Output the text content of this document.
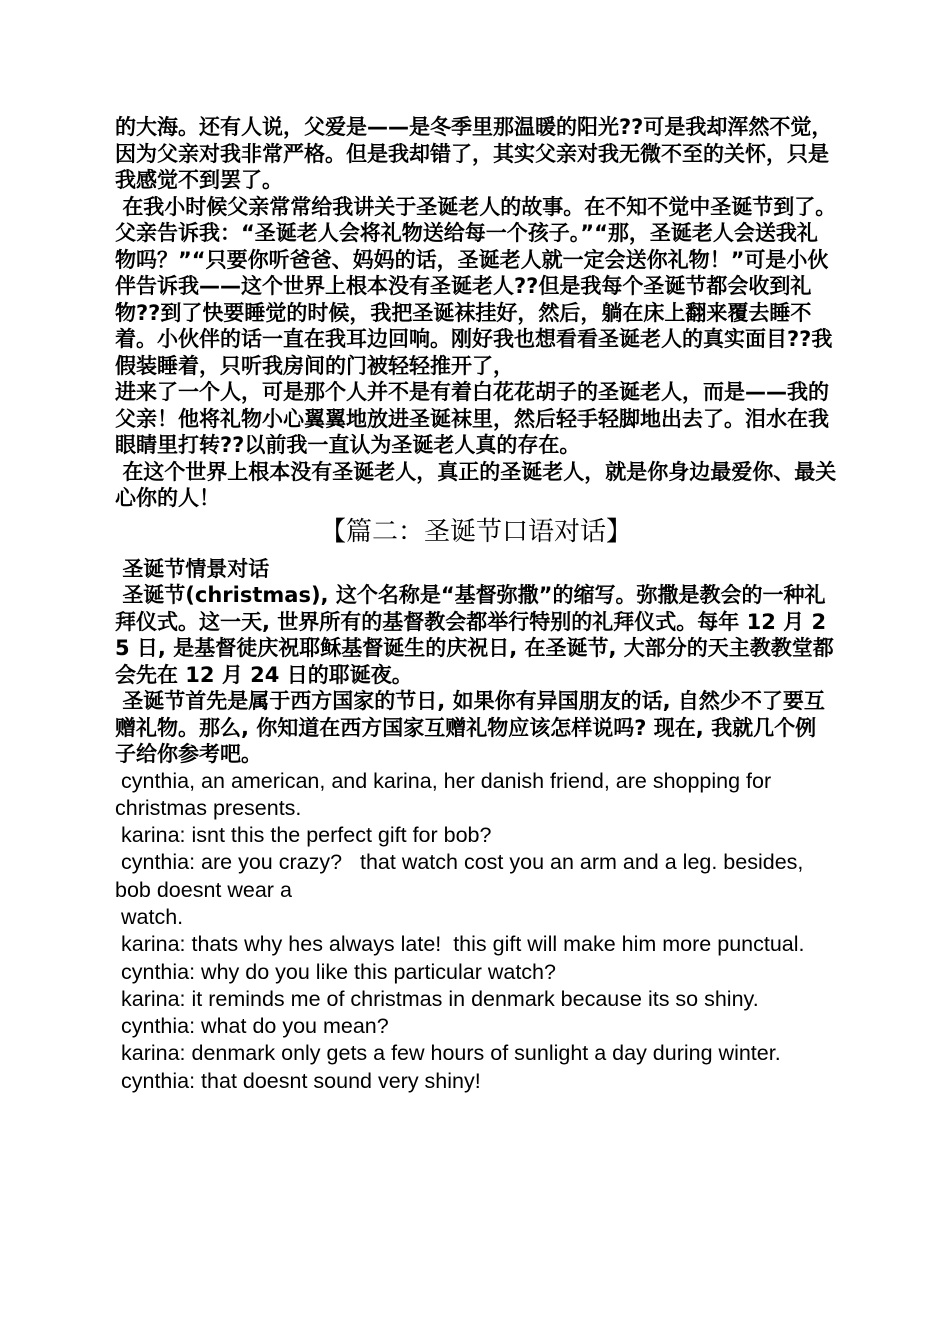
的大海。还有人说，父爱是——是冬季里那温暖的阳光??可是我却浑然不觉，因为父亲对我非常严格。但是我却错了，其实父亲对我无微不至的关怀，只是我感觉不到罢了。

在我小时候父亲常常给我讲关于圣诞老人的故事。在不知不觉中圣诞节到了。父亲告诉我：“圣诞老人会将礼物送给每一个孩子。”“那，圣诞老人会送我礼物吗？”“只要你听爸爸、妈妈的话，圣诞老人就一定会送你礼物！”可是小伙伴告诉我——这个世界上根本没有圣诞老人??但是我每个圣诞节都会收到礼物??到了快要睡觉的时候，我把圣诞袜挂好，然后，躺在床上翻来覆去睡不着。小伙伴的话一直在我耳边回响。刚好我也想看看圣诞老人的真实面目??我假装睡着，只听我房间的门被轻轻推开了，

进来了一个人，可是那个人并不是有着白花花胡子的圣诞老人，而是——我的父亲！他将礼物小心翼翼地放进圣诞袜里，然后轻手轻脚地出去了。泪水在我眼睛里打转??以前我一直认为圣诞老人真的存在。

在这个世界上根本没有圣诞老人，真正的圣诞老人，就是你身边最爱你、最关心你的人！

【篇二：圣诞节口语对话】

圣诞节情景对话

圣诞节(christmas), 这个名称是“基督弥撒”的缩写。弥撒是教会的一种礼拜仪式。这一天, 世界所有的基督教会都举行特别的礼拜仪式。每年 12 月 25 日, 是基督徒庆祝耶稣基督诞生的庆祝日, 在圣诞节, 大部分的天主教教堂都会先在 12 月 24 日的耶诞夜。

圣诞节首先是属于西方国家的节日, 如果你有异国朋友的话, 自然少不了要互赠礼物。那么, 你知道在西方国家互赠礼物应该怎样说吗? 现在, 我就几个例子给你参考吧。

cynthia, an american, and karina, her danish friend, are shopping for christmas presents.

karina: isnt this the perfect gift for bob?

cynthia: are you crazy?   that watch cost you an arm and a leg. besides, bob doesnt wear a

watch.

karina: thats why hes always late!  this gift will make him more punctual.

cynthia: why do you like this particular watch?

karina: it reminds me of christmas in denmark because its so shiny.

cynthia: what do you mean?

karina: denmark only gets a few hours of sunlight a day during winter.

cynthia: that doesnt sound very shiny!
